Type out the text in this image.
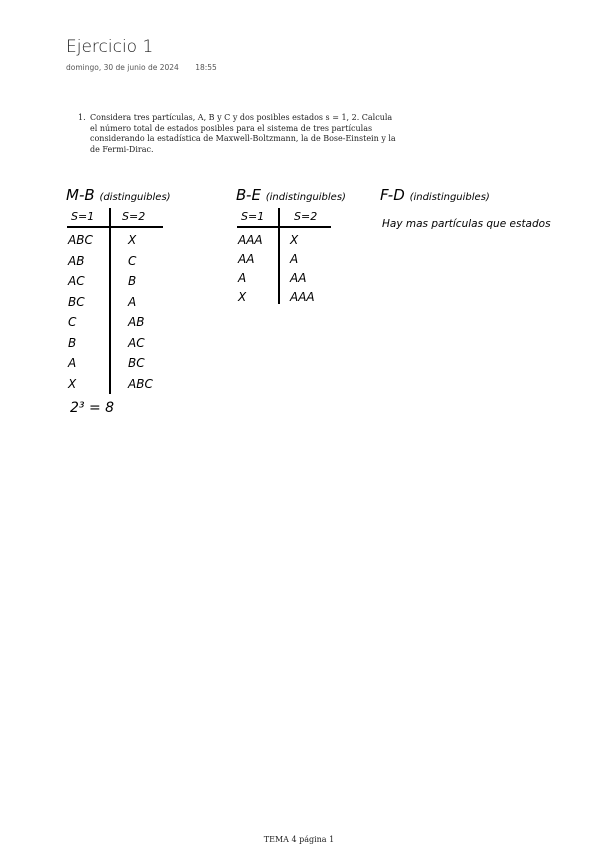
Ejercicio 1
domingo, 30 de junio de 2024 18:55
1. Considera tres partículas, A, B y C y dos posibles estados s = 1, 2. Calcula el número total de estados posibles para el sistema de tres partículas considerando la estadística de Maxwell-Boltzmann, la de Bose-Einstein y la de Fermi-Dirac.
M-B (distinguibles)
S=1	S=2
ABC	X
AB	C
AC	B
BC	A
C	AB
B	AC
A	BC
X	ABC
2³ = 8
B-E (indistinguibles)
S=1	S=2
AAA X
AA	A
A	AA
X	AAA
F-D (indistinguibles)
Hay mas partículas que estados
TEMA 4 página 1
